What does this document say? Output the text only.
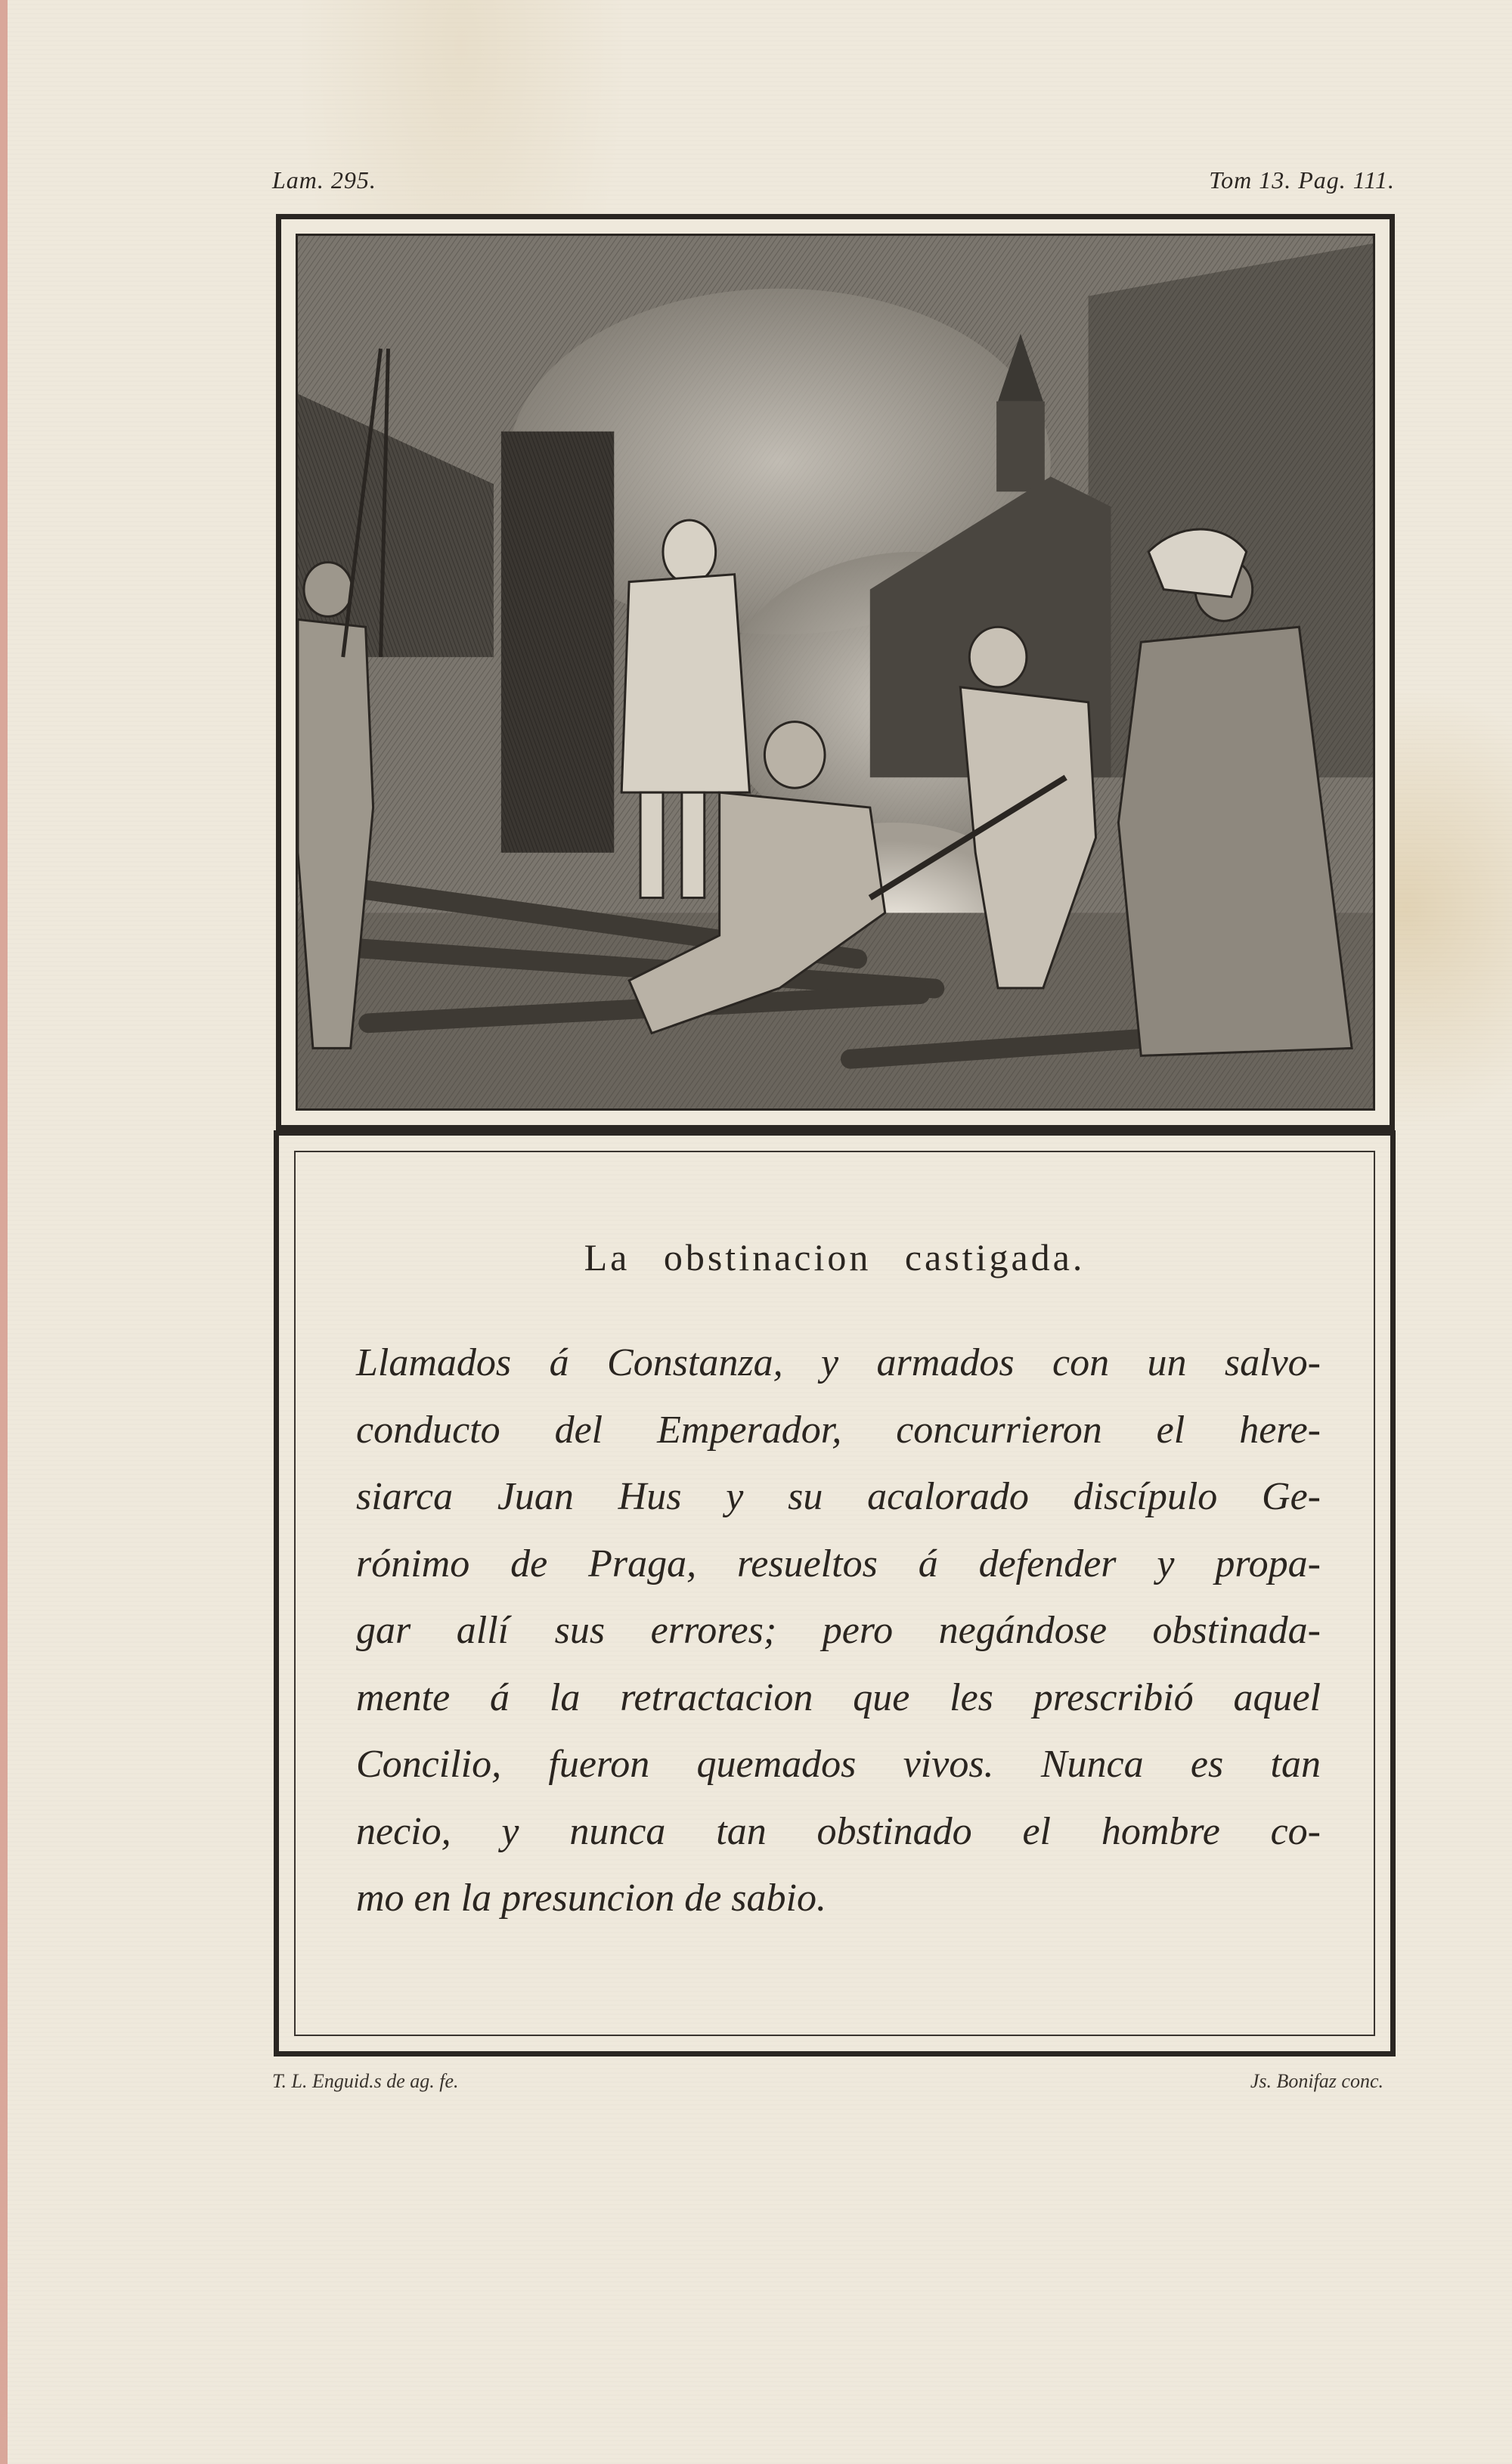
Lam. 295.	Tom 13. Pag. 111.
La obstinacion castigada.
Llamados á Constanza, y armados con un salvo-
conducto del Emperador, concurrieron el here-
siarca Juan Hus y su acalorado discípulo Ge-
rónimo de Praga, resueltos á defender y propa-
gar allí sus errores; pero negándose obstinada-
mente á la retractacion que les prescribió aquel
Concilio, fueron quemados vivos. Nunca es tan
necio, y nunca tan obstinado el hombre co-
mo en la presuncion de sabio.
T. L. Enguid.s de ag. fe.	Js. Bonifaz conc.
